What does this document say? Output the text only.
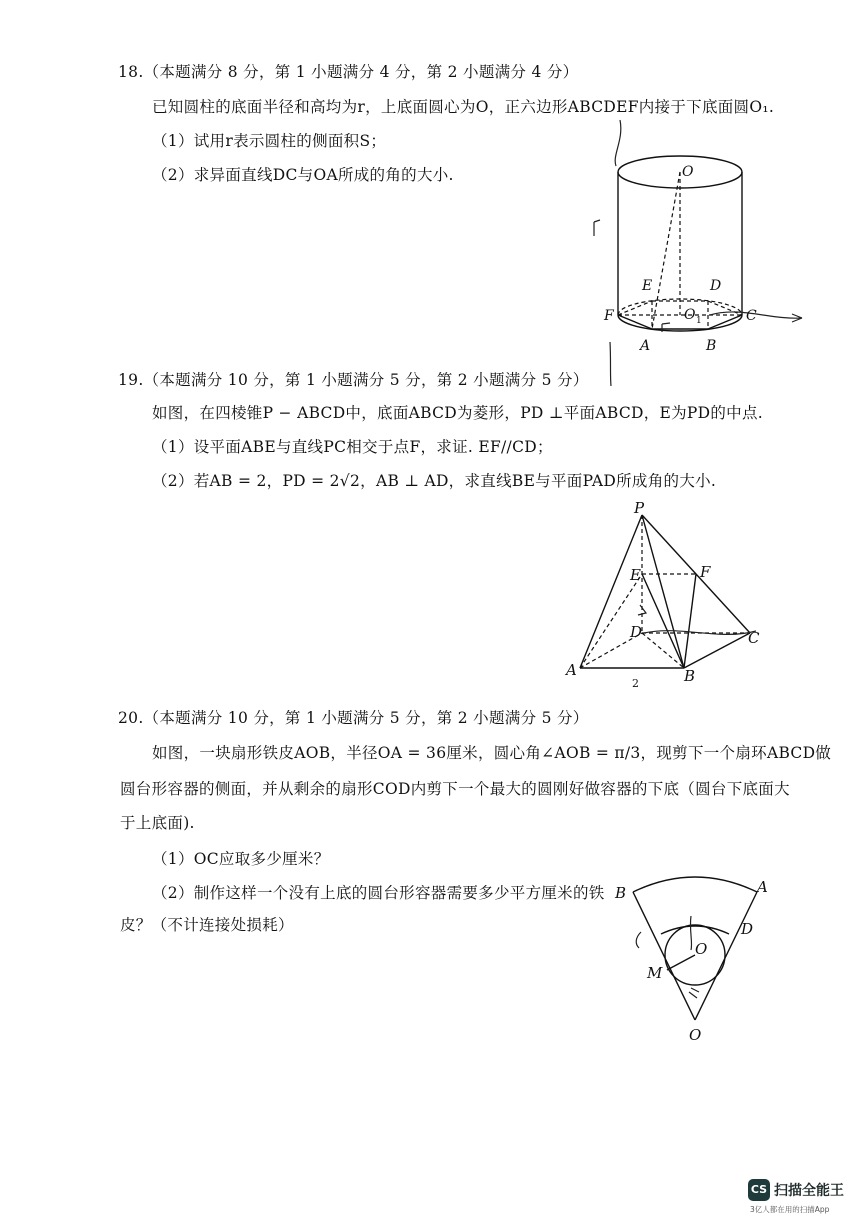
18.（本题满分 8 分，第 1 小题满分 4 分，第 2 小题满分 4 分）
已知圆柱的底面半径和高均为r，上底面圆心为O，正六边形ABCDEF内接于下底面圆O₁.
（1）试用r表示圆柱的侧面积S；
（2）求异面直线DC与OA所成的角的大小.	O
E	D
F	O 1	C
A	B
19.（本题满分 10 分，第 1 小题满分 5 分，第 2 小题满分 5 分）
如图，在四棱锥P − ABCD中，底面ABCD为菱形，PD ⊥平面ABCD，E为PD的中点.
（1）设平面ABE与直线PC相交于点F，求证. EF//CD；
（2）若AB = 2，PD = 2√2，AB ⊥ AD，求直线BE与平面PAD所成角的大小.
P
E	F
D	C
A	B
2
20.（本题满分 10 分，第 1 小题满分 5 分，第 2 小题满分 5 分）
如图，一块扇形铁皮AOB，半径OA = 36厘米，圆心角∠AOB = π/3，现剪下一个扇环ABCD做
圆台形容器的侧面，并从剩余的扇形COD内剪下一个最大的圆刚好做容器的下底（圆台下底面大
于上底面).
（1）OC应取多少厘米？
（2）制作这样一个没有上底的圆台形容器需要多少平方厘米的铁
皮？（不计连接处损耗）
B	A
D
O
M
O
CS 扫描全能王
3亿人都在用的扫描App
